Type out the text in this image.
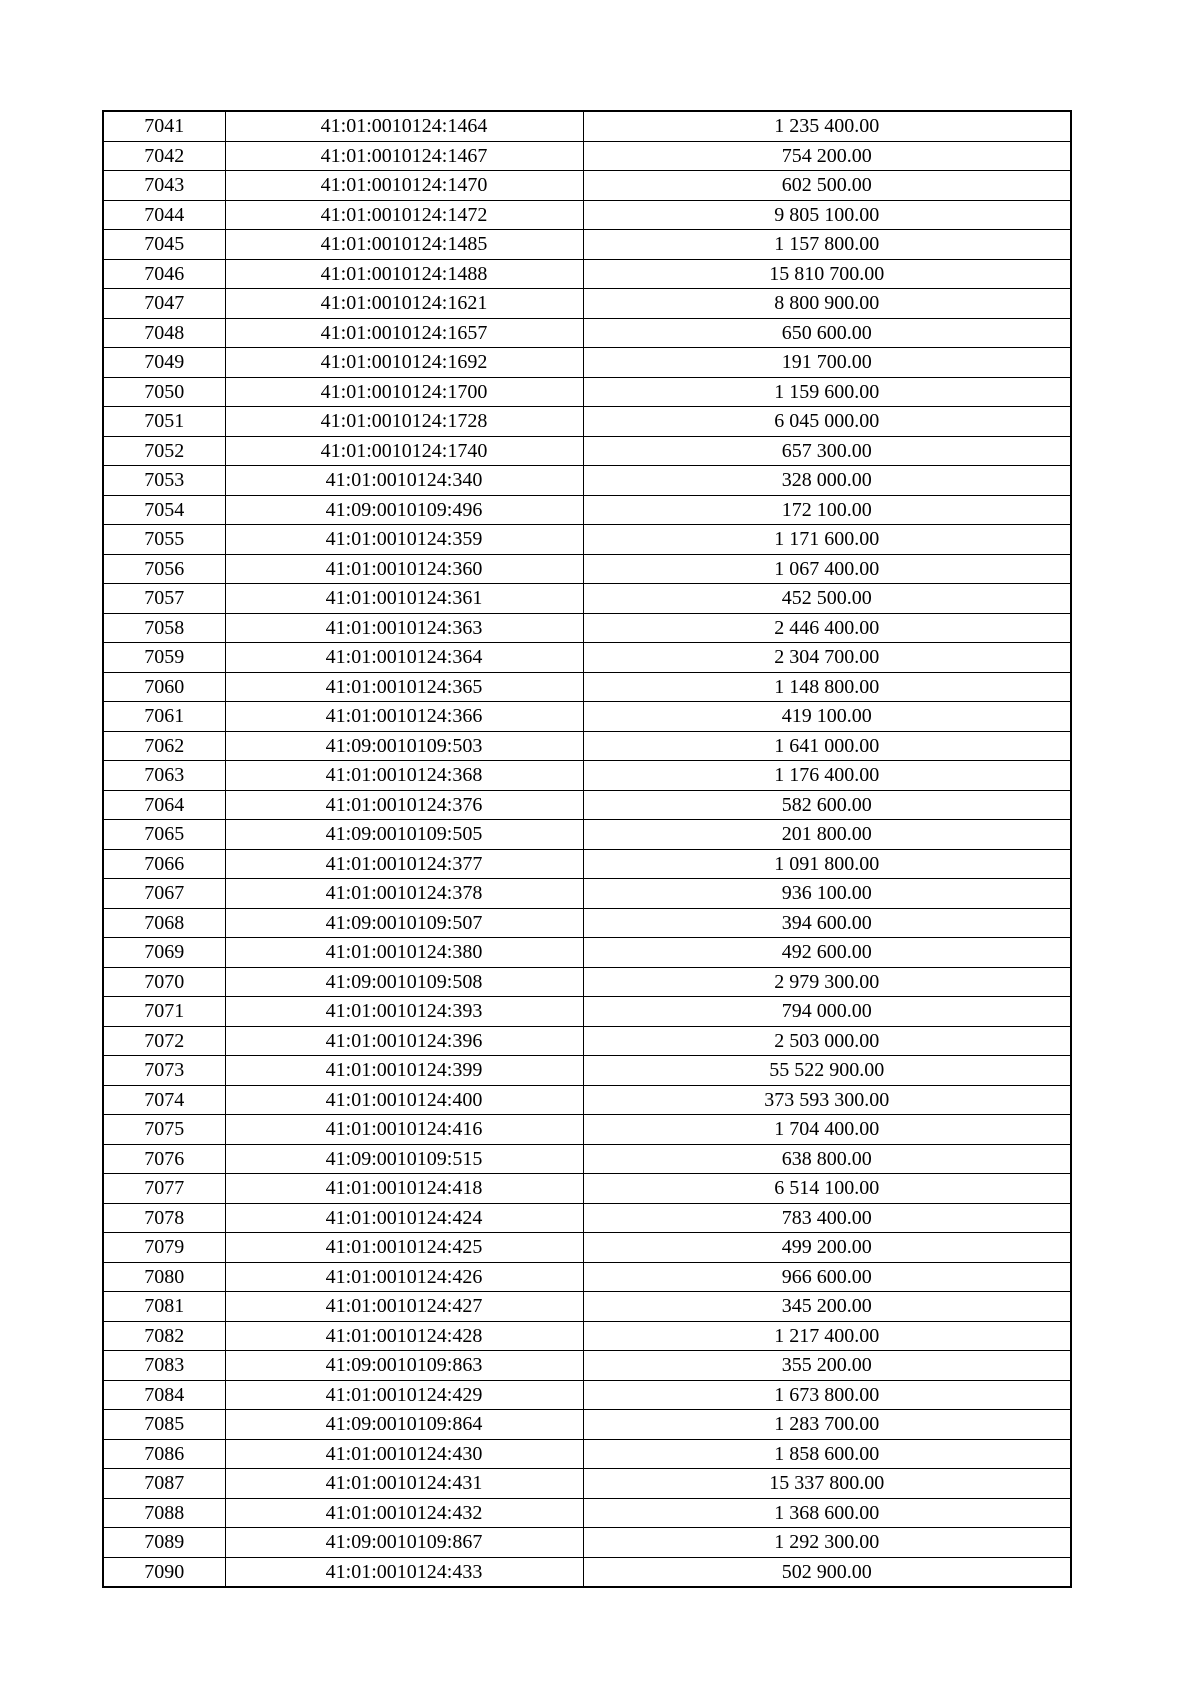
7041	41:01:0010124:1464	1 235 400.00
7042	41:01:0010124:1467	754 200.00
7043	41:01:0010124:1470	602 500.00
7044	41:01:0010124:1472	9 805 100.00
7045	41:01:0010124:1485	1 157 800.00
7046	41:01:0010124:1488	15 810 700.00
7047	41:01:0010124:1621	8 800 900.00
7048	41:01:0010124:1657	650 600.00
7049	41:01:0010124:1692	191 700.00
7050	41:01:0010124:1700	1 159 600.00
7051	41:01:0010124:1728	6 045 000.00
7052	41:01:0010124:1740	657 300.00
7053	41:01:0010124:340	328 000.00
7054	41:09:0010109:496	172 100.00
7055	41:01:0010124:359	1 171 600.00
7056	41:01:0010124:360	1 067 400.00
7057	41:01:0010124:361	452 500.00
7058	41:01:0010124:363	2 446 400.00
7059	41:01:0010124:364	2 304 700.00
7060	41:01:0010124:365	1 148 800.00
7061	41:01:0010124:366	419 100.00
7062	41:09:0010109:503	1 641 000.00
7063	41:01:0010124:368	1 176 400.00
7064	41:01:0010124:376	582 600.00
7065	41:09:0010109:505	201 800.00
7066	41:01:0010124:377	1 091 800.00
7067	41:01:0010124:378	936 100.00
7068	41:09:0010109:507	394 600.00
7069	41:01:0010124:380	492 600.00
7070	41:09:0010109:508	2 979 300.00
7071	41:01:0010124:393	794 000.00
7072	41:01:0010124:396	2 503 000.00
7073	41:01:0010124:399	55 522 900.00
7074	41:01:0010124:400	373 593 300.00
7075	41:01:0010124:416	1 704 400.00
7076	41:09:0010109:515	638 800.00
7077	41:01:0010124:418	6 514 100.00
7078	41:01:0010124:424	783 400.00
7079	41:01:0010124:425	499 200.00
7080	41:01:0010124:426	966 600.00
7081	41:01:0010124:427	345 200.00
7082	41:01:0010124:428	1 217 400.00
7083	41:09:0010109:863	355 200.00
7084	41:01:0010124:429	1 673 800.00
7085	41:09:0010109:864	1 283 700.00
7086	41:01:0010124:430	1 858 600.00
7087	41:01:0010124:431	15 337 800.00
7088	41:01:0010124:432	1 368 600.00
7089	41:09:0010109:867	1 292 300.00
7090	41:01:0010124:433	502 900.00
